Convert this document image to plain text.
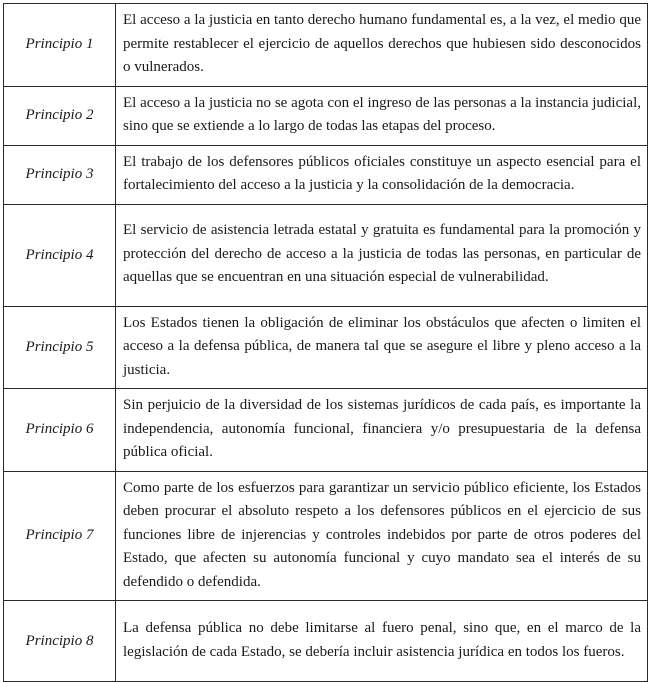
Principio 1	El acceso a la justicia en tanto derecho humano fundamental es, a la vez, el medio que permite restablecer el ejercicio de aquellos derechos que hubiesen sido desconocidos o vulnerados.
Principio 2	El acceso a la justicia no se agota con el ingreso de las personas a la instancia judicial, sino que se extiende a lo largo de todas las etapas del proceso.
Principio 3	El trabajo de los defensores públicos oficiales constituye un aspecto esencial para el fortalecimiento del acceso a la justicia y la consolidación de la democracia.
Principio 4	El servicio de asistencia letrada estatal y gratuita es fundamental para la promoción y protección del derecho de acceso a la justicia de todas las personas, en particular de aquellas que se encuentran en una situación especial de vulnerabilidad.
Principio 5	Los Estados tienen la obligación de eliminar los obstáculos que afecten o limiten el acceso a la defensa pública, de manera tal que se asegure el libre y pleno acceso a la justicia.
Principio 6	Sin perjuicio de la diversidad de los sistemas jurídicos de cada país, es importante la independencia, autonomía funcional, financiera y/o presupuestaria de la defensa pública oficial.
Principio 7	Como parte de los esfuerzos para garantizar un servicio público eficiente, los Estados deben procurar el absoluto respeto a los defensores públicos en el ejercicio de sus funciones libre de injerencias y controles indebidos por parte de otros poderes del Estado, que afecten su autonomía funcional y cuyo mandato sea el interés de su defendido o defendida.
Principio 8	La defensa pública no debe limitarse al fuero penal, sino que, en el marco de la legislación de cada Estado, se debería incluir asistencia jurídica en todos los fueros.
